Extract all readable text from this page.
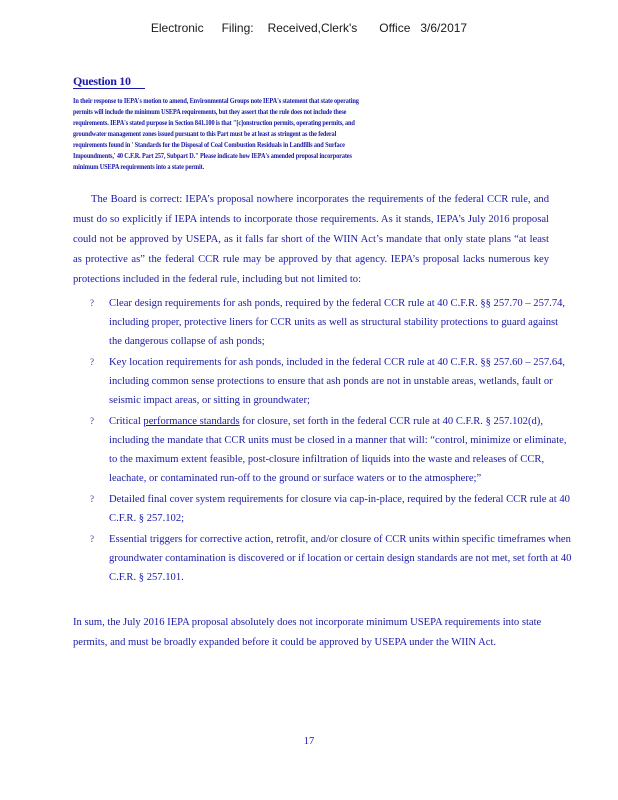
Electronic Filing: Received,Clerk's Office 3/6/2017
Question 10
In their response to IEPA's motion to amend, Environmental Groups note IEPA's statement that state operating permits will include the minimum USEPA requirements, but they assert that the rule does not include these requirements. IEPA's stated purpose in Section 841.100 is that "[c]onstruction permits, operating permits, and groundwater management zones issued pursuant to this Part must be at least as stringent as the federal requirements found in ' Standards for the Disposal of Coal Combustion Residuals in Landfills and Surface Impoundments,' 40 C.F.R. Part 257, Subpart D." Please indicate how IEPA's amended proposal incorporates minimum USEPA requirements into a state permit.

The Board is correct: IEPA’s proposal nowhere incorporates the requirements of the federal CCR rule, and must do so explicitly if IEPA intends to incorporate those requirements. As it stands, IEPA’s July 2016 proposal could not be approved by USEPA, as it falls far short of the WIIN Act’s mandate that only state plans “at least as protective as” the federal CCR rule may be approved by that agency. IEPA’s proposal lacks numerous key protections included in the federal rule, including but not limited to:

? Clear design requirements for ash ponds, required by the federal CCR rule at 40 C.F.R. §§ 257.70 – 257.74, including proper, protective liners for CCR units as well as structural stability protections to guard against the dangerous collapse of ash ponds;
? Key location requirements for ash ponds, included in the federal CCR rule at 40 C.F.R. §§ 257.60 – 257.64, including common sense protections to ensure that ash ponds are not in unstable areas, wetlands, fault or seismic impact areas, or sitting in groundwater;
? Critical performance standards for closure, set forth in the federal CCR rule at 40 C.F.R. § 257.102(d), including the mandate that CCR units must be closed in a manner that will: “control, minimize or eliminate, to the maximum extent feasible, post-closure infiltration of liquids into the waste and releases of CCR, leachate, or contaminated run-off to the ground or surface waters or to the atmosphere;”
? Detailed final cover system requirements for closure via cap-in-place, required by the federal CCR rule at 40 C.F.R. § 257.102;
? Essential triggers for corrective action, retrofit, and/or closure of CCR units within specific timeframes when groundwater contamination is discovered or if location or certain design standards are not met, set forth at 40 C.F.R. § 257.101.

In sum, the July 2016 IEPA proposal absolutely does not incorporate minimum USEPA requirements into state permits, and must be broadly expanded before it could be approved by USEPA under the WIIN Act.

17
